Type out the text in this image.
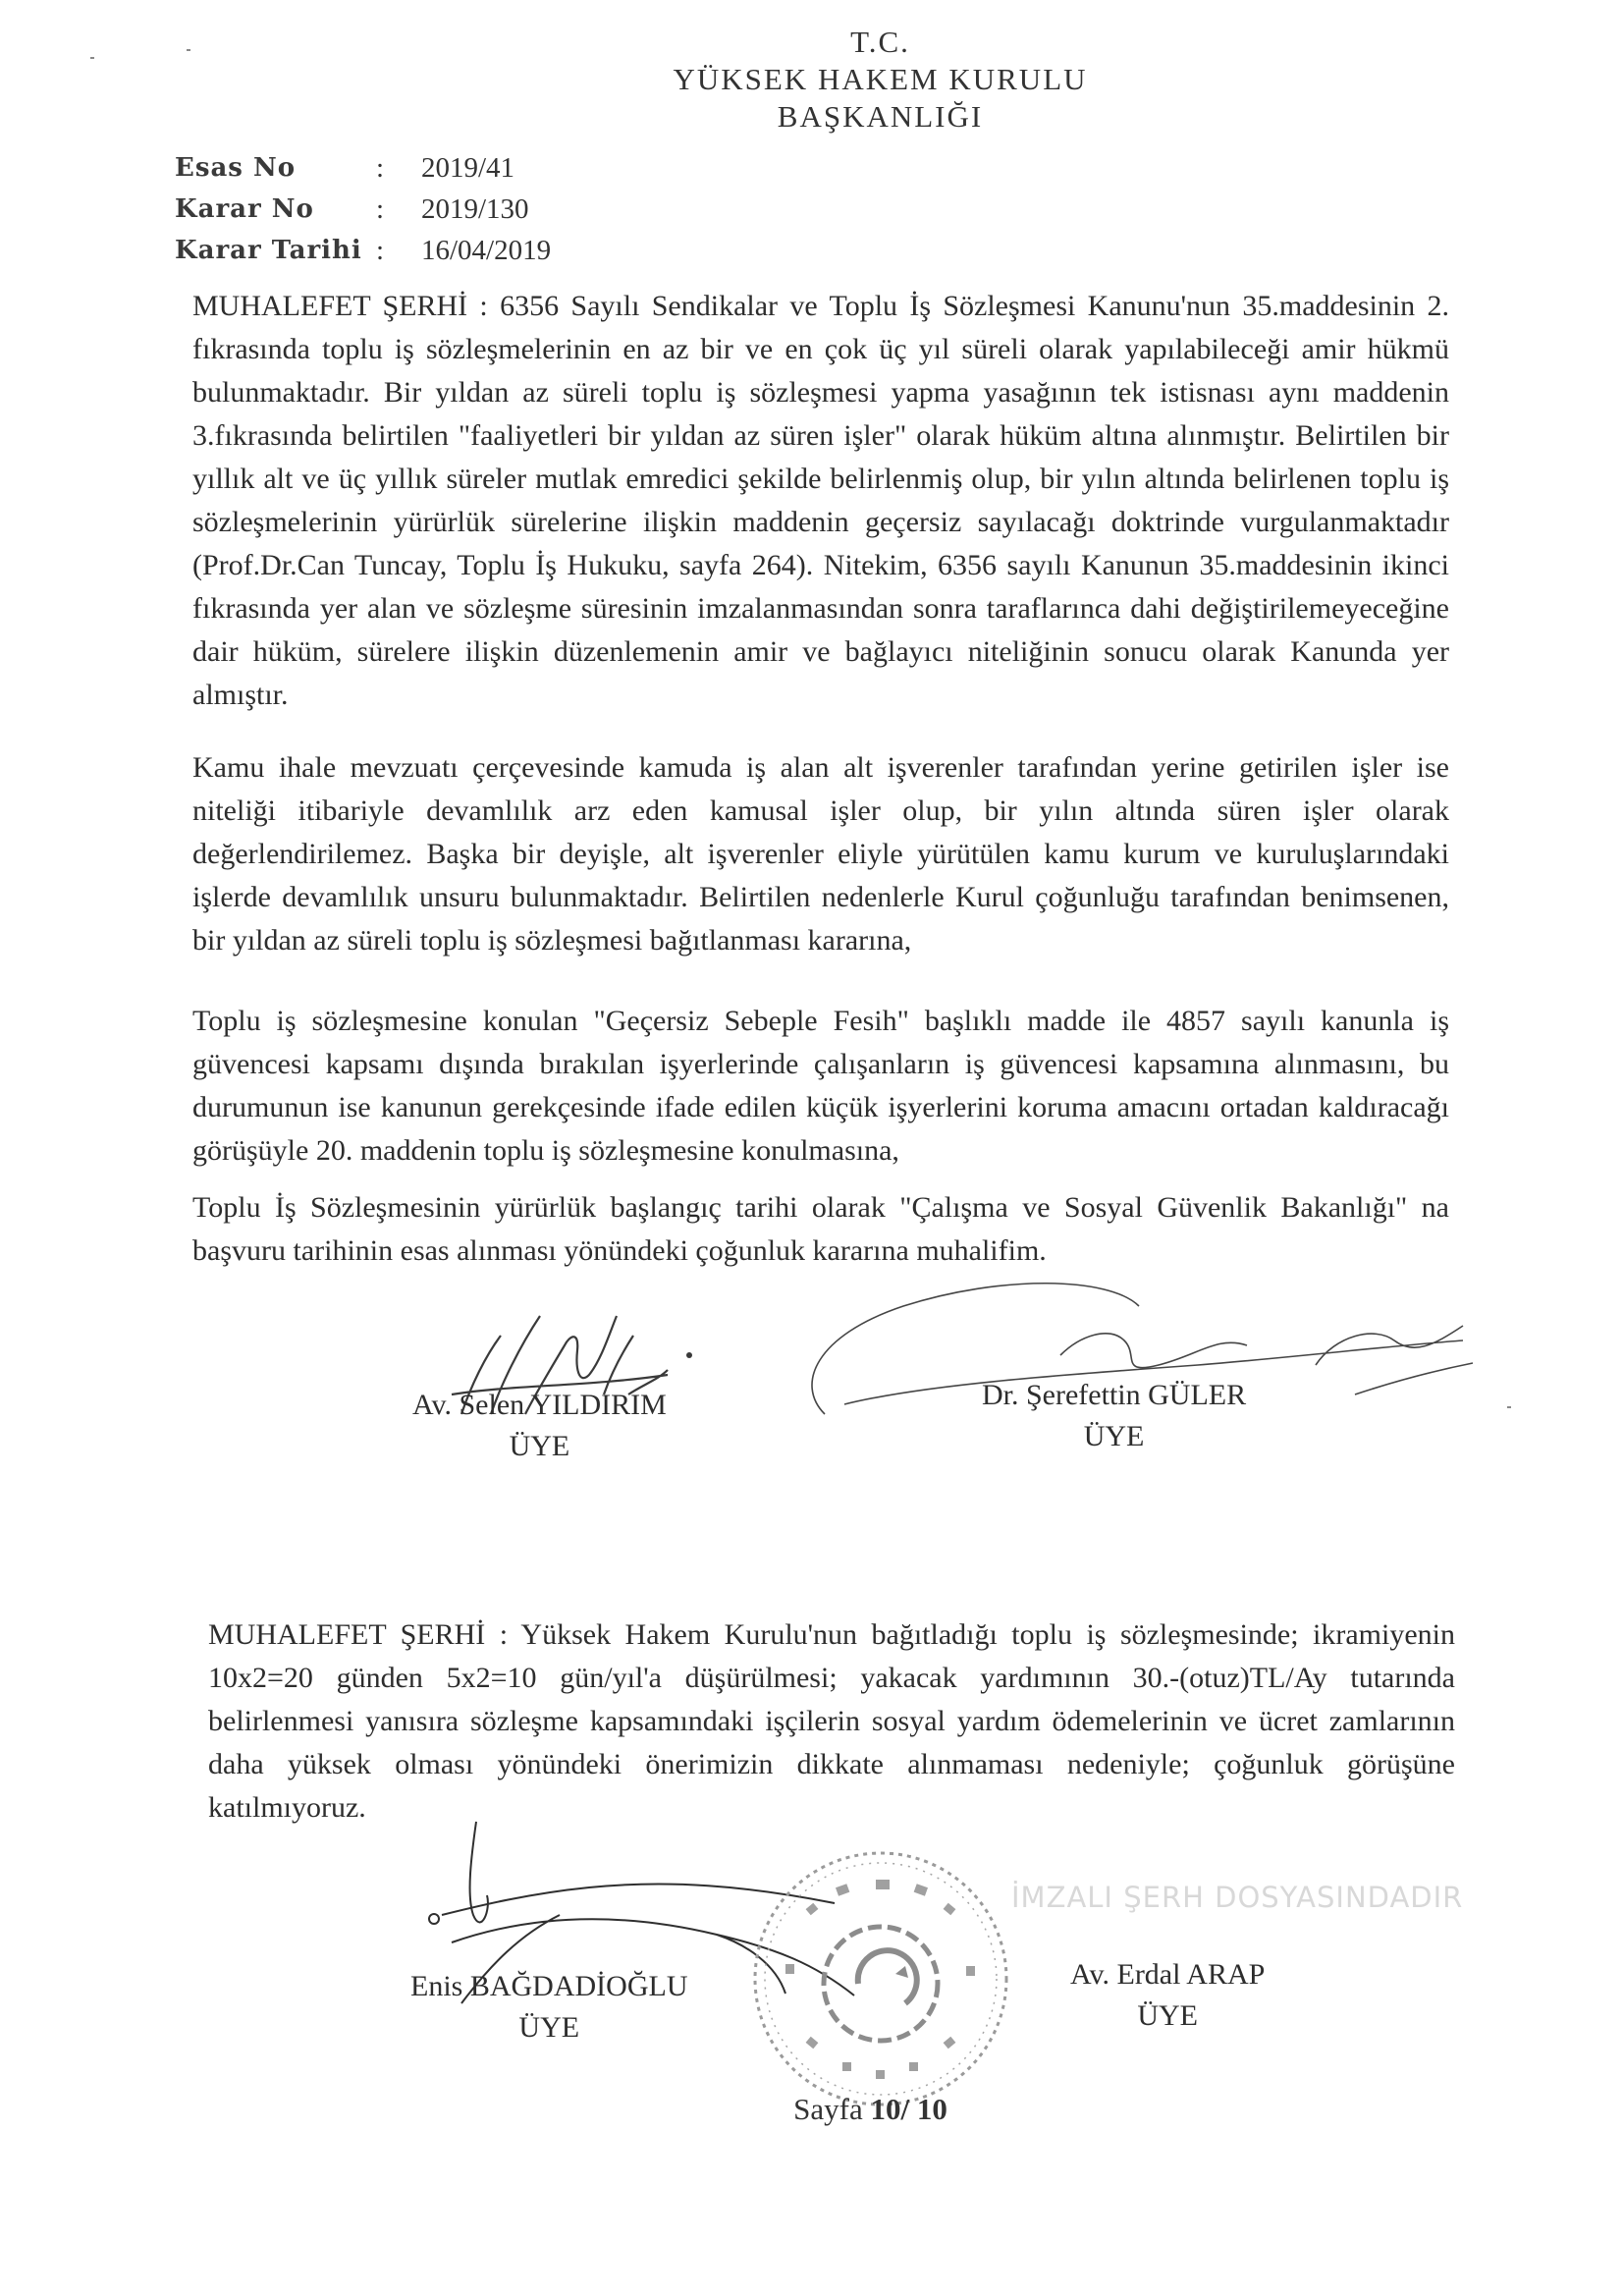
T.C.
YÜKSEK HAKEM KURULU
BAŞKANLIĞI
Esas No	:	2019/41
Karar No	:	2019/130
Karar Tarihi :	16/04/2019
MUHALEFET ŞERHİ : 6356 Sayılı Sendikalar ve Toplu İş Sözleşmesi Kanunu'nun 35.maddesinin 2. fıkrasında toplu iş sözleşmelerinin en az bir ve en çok üç yıl süreli olarak yapılabileceği amir hükmü bulunmaktadır. Bir yıldan az süreli toplu iş sözleşmesi yapma yasağının tek istisnası aynı maddenin 3.fıkrasında belirtilen "faaliyetleri bir yıldan az süren işler" olarak hüküm altına alınmıştır. Belirtilen bir yıllık alt ve üç yıllık süreler mutlak emredici şekilde belirlenmiş olup, bir yılın altında belirlenen toplu iş sözleşmelerinin yürürlük sürelerine ilişkin maddenin geçersiz sayılacağı doktrinde vurgulanmaktadır (Prof.Dr.Can Tuncay, Toplu İş Hukuku, sayfa 264). Nitekim, 6356 sayılı Kanunun 35.maddesinin ikinci fıkrasında yer alan ve sözleşme süresinin imzalanmasından sonra taraflarınca dahi değiştirilemeyeceğine dair hüküm, sürelere ilişkin düzenlemenin amir ve bağlayıcı niteliğinin sonucu olarak Kanunda yer almıştır.
Kamu ihale mevzuatı çerçevesinde kamuda iş alan alt işverenler tarafından yerine getirilen işler ise niteliği itibariyle devamlılık arz eden kamusal işler olup, bir yılın altında süren işler olarak değerlendirilemez. Başka bir deyişle, alt işverenler eliyle yürütülen kamu kurum ve kuruluşlarındaki işlerde devamlılık unsuru bulunmaktadır. Belirtilen nedenlerle Kurul çoğunluğu tarafından benimsenen, bir yıldan az süreli toplu iş sözleşmesi bağıtlanması kararına,
Toplu iş sözleşmesine konulan "Geçersiz Sebeple Fesih" başlıklı madde ile 4857 sayılı kanunla iş güvencesi kapsamı dışında bırakılan işyerlerinde çalışanların iş güvencesi kapsamına alınmasını, bu durumunun ise kanunun gerekçesinde ifade edilen küçük işyerlerini koruma amacını ortadan kaldıracağı görüşüyle 20. maddenin toplu iş sözleşmesine konulmasına,
Toplu İş Sözleşmesinin yürürlük başlangıç tarihi olarak "Çalışma ve Sosyal Güvenlik Bakanlığı" na başvuru tarihinin esas alınması yönündeki çoğunluk kararına muhalifim.
Av. Selen YILDIRIM
ÜYE
Dr. Şerefettin GÜLER
ÜYE
MUHALEFET ŞERHİ : Yüksek Hakem Kurulu'nun bağıtladığı toplu iş sözleşmesinde; ikramiyenin 10x2=20 günden 5x2=10 gün/yıl'a düşürülmesi; yakacak yardımının 30.-(otuz)TL/Ay tutarında belirlenmesi yanısıra sözleşme kapsamındaki işçilerin sosyal yardım ödemelerinin ve ücret zamlarının daha yüksek olması yönündeki önerimizin dikkate alınmaması nedeniyle; çoğunluk görüşüne katılmıyoruz.
İMZALI ŞERH DOSYASINDADIR
Enis BAĞDADİOĞLU
ÜYE
Av. Erdal ARAP
ÜYE
Sayfa 10/ 10
